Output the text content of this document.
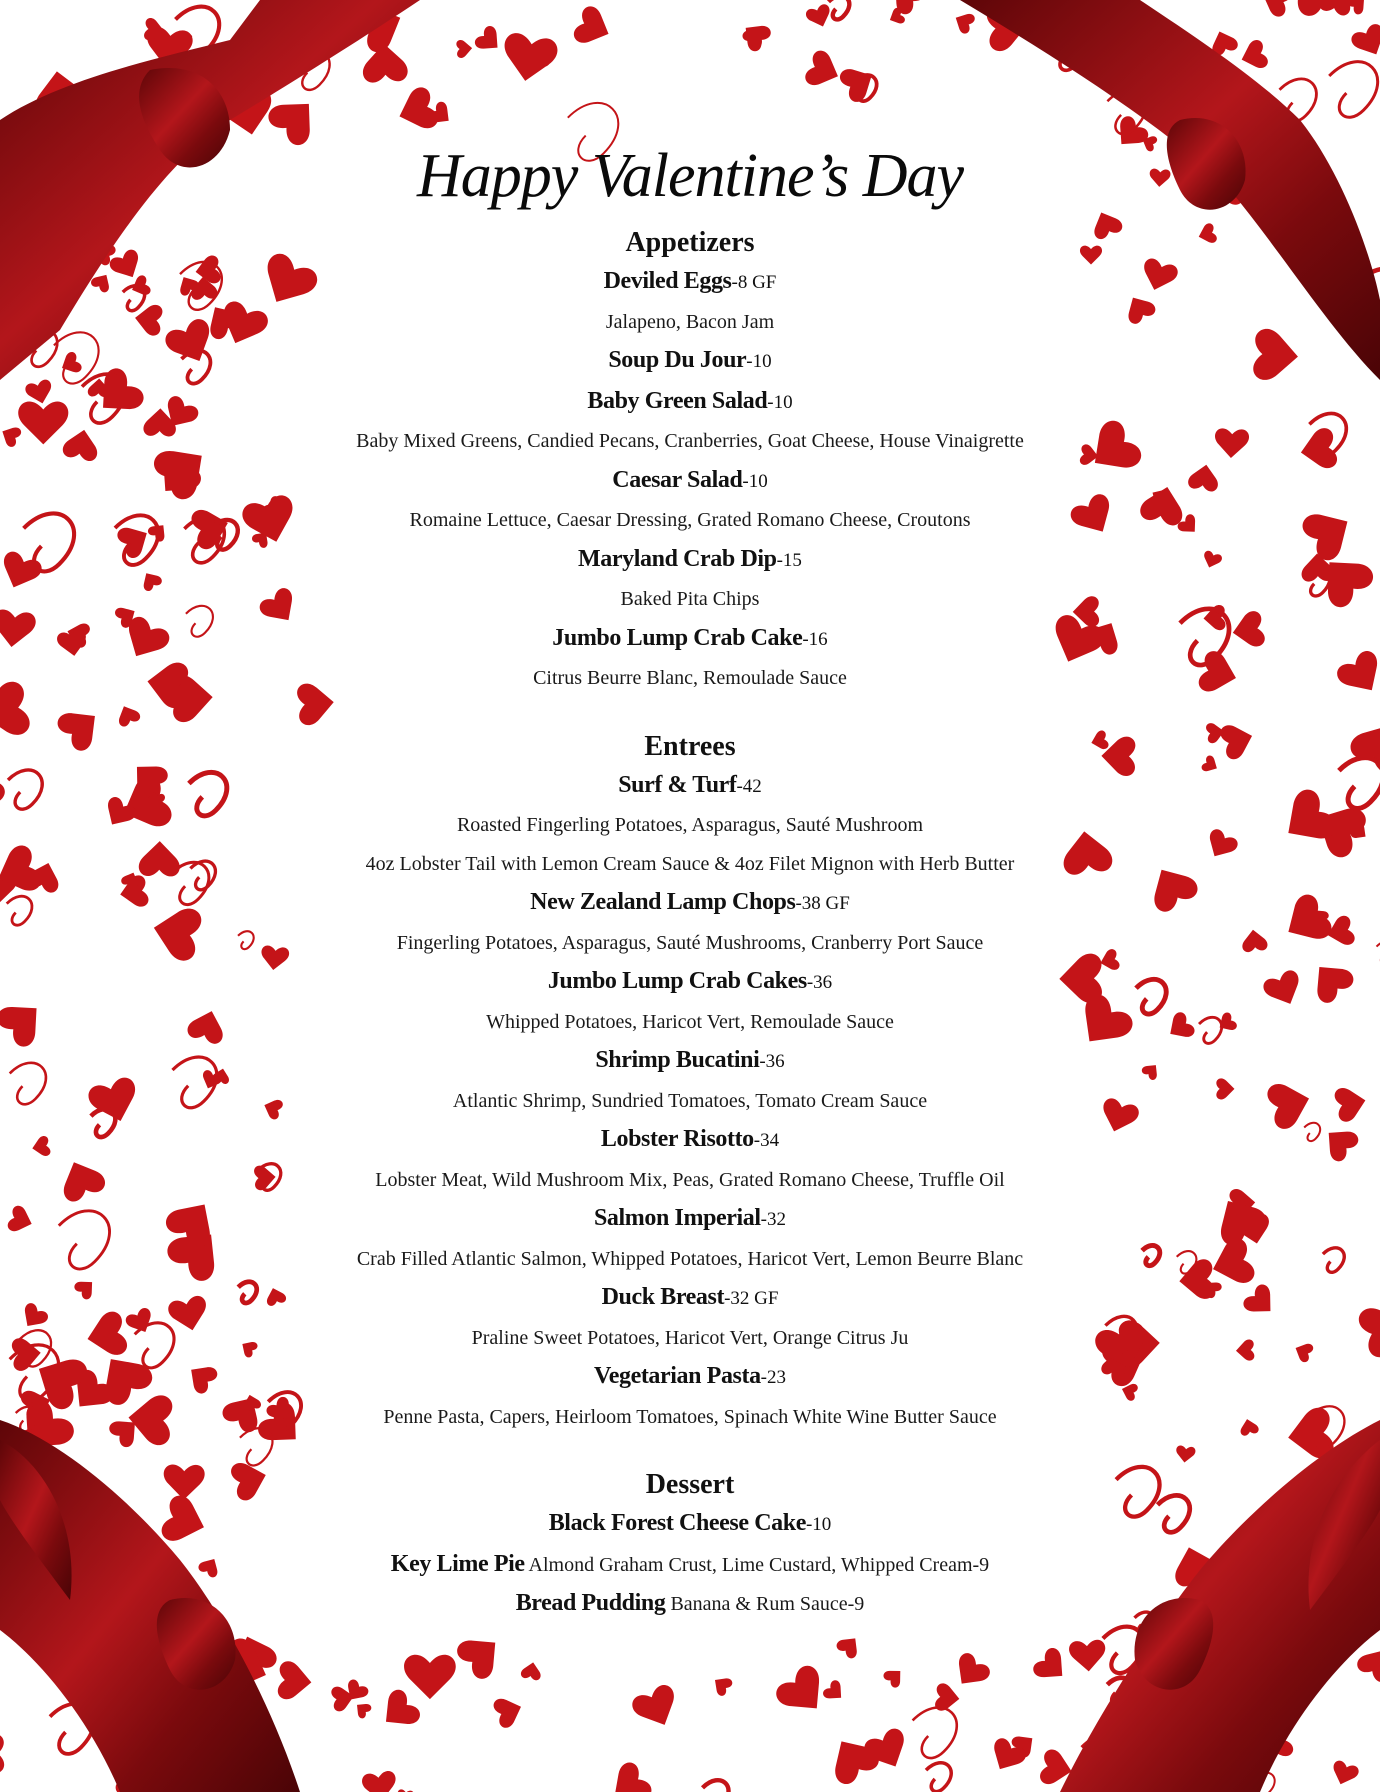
Happy Valentine’s Day
Appetizers
Deviled Eggs-8 GF
Jalapeno, Bacon Jam
Soup Du Jour-10
Baby Green Salad-10
Baby Mixed Greens, Candied Pecans, Cranberries, Goat Cheese, House Vinaigrette
Caesar Salad-10
Romaine Lettuce, Caesar Dressing, Grated Romano Cheese, Croutons
Maryland Crab Dip-15
Baked Pita Chips
Jumbo Lump Crab Cake-16
Citrus Beurre Blanc, Remoulade Sauce
Entrees
Surf & Turf-42
Roasted Fingerling Potatoes, Asparagus, Sauté Mushroom
4oz Lobster Tail with Lemon Cream Sauce & 4oz Filet Mignon with Herb Butter
New Zealand Lamp Chops-38 GF
Fingerling Potatoes, Asparagus, Sauté Mushrooms, Cranberry Port Sauce
Jumbo Lump Crab Cakes-36
Whipped Potatoes, Haricot Vert, Remoulade Sauce
Shrimp Bucatini-36
Atlantic Shrimp, Sundried Tomatoes, Tomato Cream Sauce
Lobster Risotto-34
Lobster Meat, Wild Mushroom Mix, Peas, Grated Romano Cheese, Truffle Oil
Salmon Imperial-32
Crab Filled Atlantic Salmon, Whipped Potatoes, Haricot Vert, Lemon Beurre Blanc
Duck Breast-32 GF
Praline Sweet Potatoes, Haricot Vert, Orange Citrus Ju
Vegetarian Pasta-23
Penne Pasta, Capers, Heirloom Tomatoes, Spinach White Wine Butter Sauce
Dessert
Black Forest Cheese Cake-10
Key Lime Pie Almond Graham Crust, Lime Custard, Whipped Cream-9
Bread Pudding Banana & Rum Sauce-9
